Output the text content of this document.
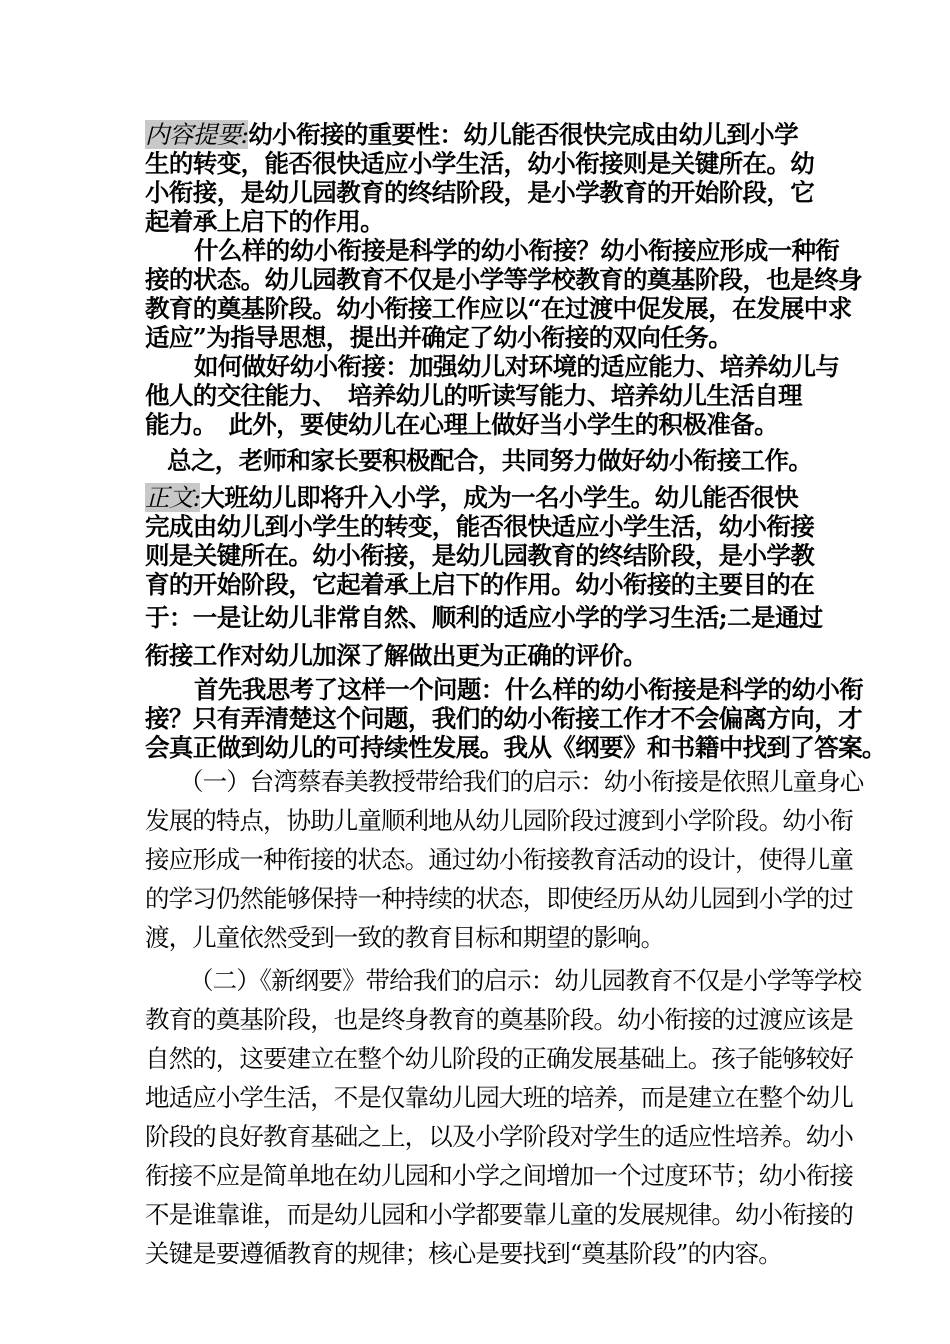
内容提要:幼小衔接的重要性：幼儿能否很快完成由幼儿到小学
生的转变，能否很快适应小学生活，幼小衔接则是关键所在。幼
小衔接，是幼儿园教育的终结阶段，是小学教育的开始阶段，它
起着承上启下的作用。
什么样的幼小衔接是科学的幼小衔接？幼小衔接应形成一种衔
接的状态。幼儿园教育不仅是小学等学校教育的奠基阶段，也是终身
教育的奠基阶段。幼小衔接工作应以“在过渡中促发展，在发展中求
适应”为指导思想，提出并确定了幼小衔接的双向任务。
如何做好幼小衔接：加强幼儿对环境的适应能力、培养幼儿与
他人的交往能力、　培养幼儿的听读写能力、培养幼儿生活自理
能力。　此外，要使幼儿在心理上做好当小学生的积极准备。
总之，老师和家长要积极配合，共同努力做好幼小衔接工作。
正文:大班幼儿即将升入小学，成为一名小学生。幼儿能否很快
完成由幼儿到小学生的转变，能否很快适应小学生活，幼小衔接
则是关键所在。幼小衔接，是幼儿园教育的终结阶段，是小学教
育的开始阶段，它起着承上启下的作用。幼小衔接的主要目的在
于：一是让幼儿非常自然、顺利的适应小学的学习生活;二是通过
衔接工作对幼儿加深了解做出更为正确的评价。
首先我思考了这样一个问题：什么样的幼小衔接是科学的幼小衔
接？只有弄清楚这个问题，我们的幼小衔接工作才不会偏离方向，才
会真正做到幼儿的可持续性发展。我从《纲要》和书籍中找到了答案。
（一）台湾蔡春美教授带给我们的启示：幼小衔接是依照儿童身心
发展的特点，协助儿童顺利地从幼儿园阶段过渡到小学阶段。幼小衔
接应形成一种衔接的状态。通过幼小衔接教育活动的设计，使得儿童
的学习仍然能够保持一种持续的状态，即使经历从幼儿园到小学的过
渡，儿童依然受到一致的教育目标和期望的影响。
（二）《新纲要》带给我们的启示：幼儿园教育不仅是小学等学校
教育的奠基阶段，也是终身教育的奠基阶段。幼小衔接的过渡应该是
自然的，这要建立在整个幼儿阶段的正确发展基础上。孩子能够较好
地适应小学生活，不是仅靠幼儿园大班的培养，而是建立在整个幼儿
阶段的良好教育基础之上，以及小学阶段对学生的适应性培养。幼小
衔接不应是简单地在幼儿园和小学之间增加一个过度环节；幼小衔接
不是谁靠谁，而是幼儿园和小学都要靠儿童的发展规律。幼小衔接的
关键是要遵循教育的规律；核心是要找到“奠基阶段”的内容。
